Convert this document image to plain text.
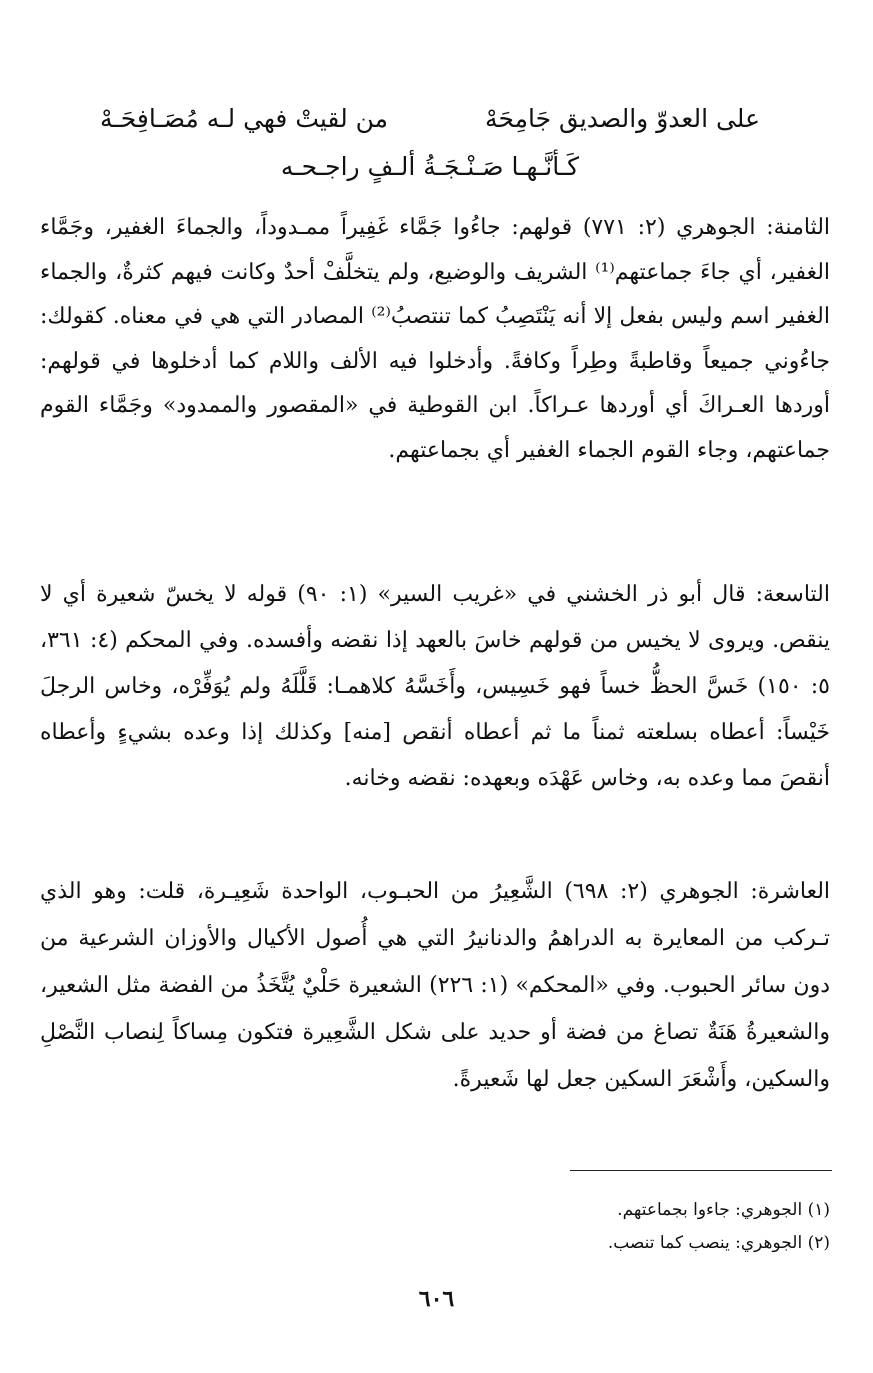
على العدوّ والصديق جَامِحَهْ
من لقيتْ فهي لـه مُصَـافِحَـهْ
كَـأنَّـهـا صَـنْـجَـةُ ألـفٍ راجـحـه

الثامنة: الجوهري (٢: ٧٧١) قولهم: جاءُوا جَمَّاء غَفِيراً ممـدوداً، والجماءَ الغفير، وجَمَّاء الغفير، أي جاءَ جماعتهم⁽¹⁾ الشريف والوضيع، ولم يتخلَّفْ أحدٌ وكانت فيهم كثرةٌ، والجماء الغفير اسم وليس بفعل إلا أنه يَنْتَصِبُ كما تنتصبُ⁽²⁾ المصادر التي هي في معناه. كقولك: جاءُوني جميعاً وقاطبةً وطِراً وكافةً. وأدخلوا فيه الألف واللام كما أدخلوها في قولهم: أوردها العـراكَ أي أوردها عـراكاً. ابن القوطية في «المقصور والممدود» وجَمَّاء القوم جماعتهم، وجاء القوم الجماء الغفير أي بجماعتهم.

التاسعة: قال أبو ذر الخشني في «غريب السير» (١: ٩٠) قوله لا يخسّ شعيرة أي لا ينقص. ويروى لا يخيس من قولهم خاسَ بالعهد إذا نقضه وأفسده. وفي المحكم (٤: ٣٦١، ٥: ١٥٠) خَسَّ الحظُّ خساً فهو خَسِيس، وأَخَسَّهُ كلاهمـا: قَلَّلَهُ ولم يُوَفِّرْه، وخاس الرجلَ خَيْساً: أعطاه بسلعته ثمناً ما ثم أعطاه أنقص [منه] وكذلك إذا وعده بشيءٍ وأعطاه أنقصَ مما وعده به، وخاس عَهْدَه وبعهده: نقضه وخانه.

العاشرة: الجوهري (٢: ٦٩٨) الشَّعِيرُ من الحبـوب، الواحدة شَعِيـرة، قلت: وهو الذي تـركب من المعايرة به الدراهمُ والدنانيرُ التي هي أُصول الأكيال والأوزان الشرعية من دون سائر الحبوب. وفي «المحكم» (١: ٢٢٦) الشعيرة حَلْيٌ يُتَّخَذُ من الفضة مثل الشعير، والشعيرةُ هَنَةٌ تصاغ من فضة أو حديد على شكل الشَّعِيرة فتكون مِساكاً لِنصاب النَّصْلِ والسكين، وأَشْعَرَ السكين جعل لها شَعيرةً.

(١) الجوهري: جاءوا بجماعتهم.
(٢) الجوهري: ينصب كما تنصب.
٦٠٦
